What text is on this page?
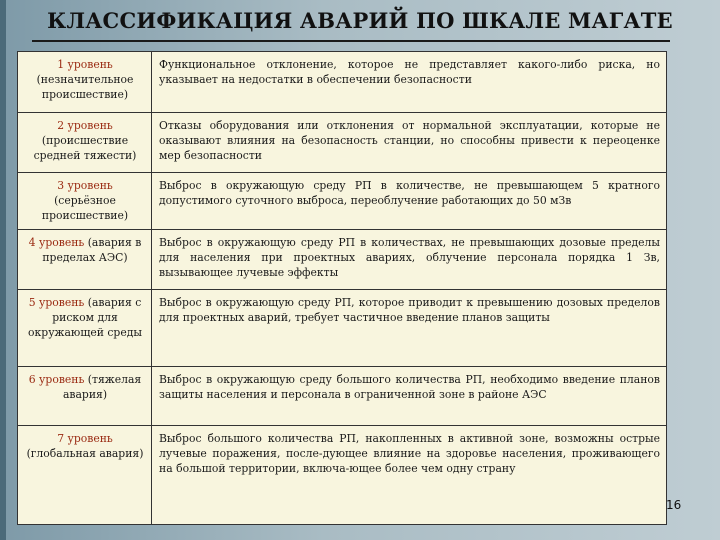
КЛАССИФИКАЦИЯ АВАРИЙ ПО ШКАЛЕ МАГАТЕ
1 уровень
(незначительное происшествие)	Функциональное отклонение, которое не представляет какого-либо риска, но указывает на недостатки в обеспечении безопасности
2 уровень
(происшествие средней тяжести)	Отказы оборудования или отклонения от нормальной эксплуатации, которые не оказывают влияния на безопасность станции, но способны привести к переоценке мер безопасности
3 уровень
(серьёзное происшествие)	Выброс в окружающую среду РП в количестве, не превышающем 5 кратного допустимого суточного выброса, переоблучение работающих до 50 мЗв
4 уровень (авария в пределах АЭС)	Выброс в окружающую среду РП в количествах, не превышающих дозовые пределы для населения при проектных авариях, облучение персонала порядка 1 Зв, вызывающее лучевые эффекты
5 уровень (авария с риском для окружающей среды	Выброс в окружающую среду РП, которое приводит к превышению дозовых пределов для проектных аварий, требует частичное введение планов защиты
6 уровень (тяжелая авария)	Выброс в окружающую среду большого количества РП, необходимо введение планов защиты населения и персонала в ограниченной зоне в районе АЭС
7 уровень
(глобальная авария)	Выброс большого количества РП, накопленных в активной зоне, возможны острые лучевые поражения, после-дующее влияние на здоровье населения, проживающего на большой территории, включа-ющее более чем одну страну
16
